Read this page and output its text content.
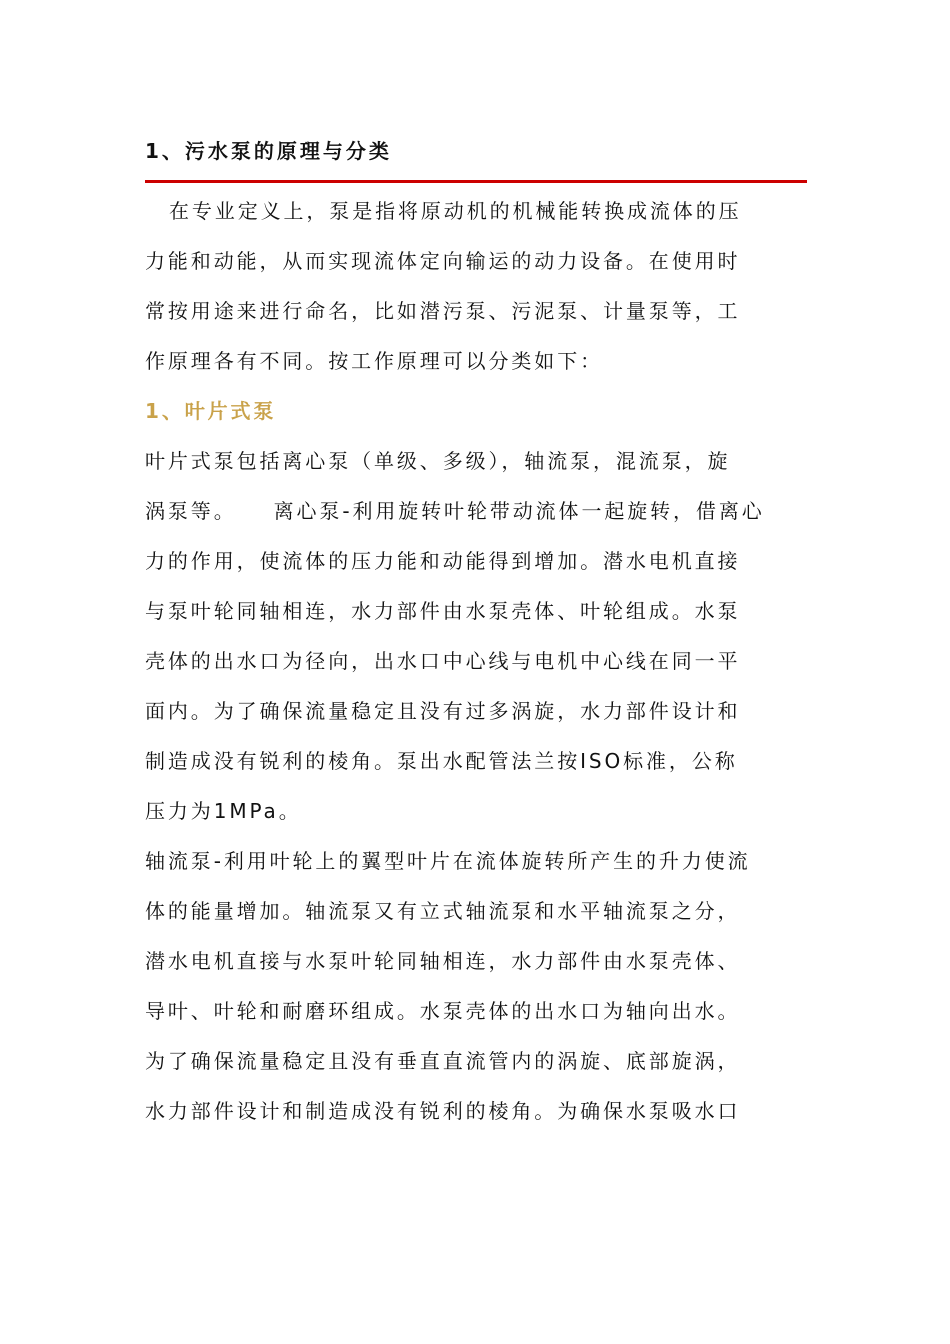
1、污水泵的原理与分类

在专业定义上，泵是指将原动机的机械能转换成流体的压

力能和动能，从而实现流体定向输运的动力设备。在使用时

常按用途来进行命名，比如潜污泵、污泥泵、计量泵等，工

作原理各有不同。按工作原理可以分类如下：

1、叶片式泵

叶片式泵包括离心泵（单级、多级），轴流泵，混流泵，旋

涡泵等。    离心泵-利用旋转叶轮带动流体一起旋转，借离心

力的作用，使流体的压力能和动能得到增加。潜水电机直接

与泵叶轮同轴相连，水力部件由水泵壳体、叶轮组成。水泵

壳体的出水口为径向，出水口中心线与电机中心线在同一平

面内。为了确保流量稳定且没有过多涡旋，水力部件设计和

制造成没有锐利的棱角。泵出水配管法兰按ISO标准，公称

压力为1MPa。

轴流泵-利用叶轮上的翼型叶片在流体旋转所产生的升力使流

体的能量增加。轴流泵又有立式轴流泵和水平轴流泵之分，

潜水电机直接与水泵叶轮同轴相连，水力部件由水泵壳体、

导叶、叶轮和耐磨环组成。水泵壳体的出水口为轴向出水。

为了确保流量稳定且没有垂直直流管内的涡旋、底部旋涡，

水力部件设计和制造成没有锐利的棱角。为确保水泵吸水口
